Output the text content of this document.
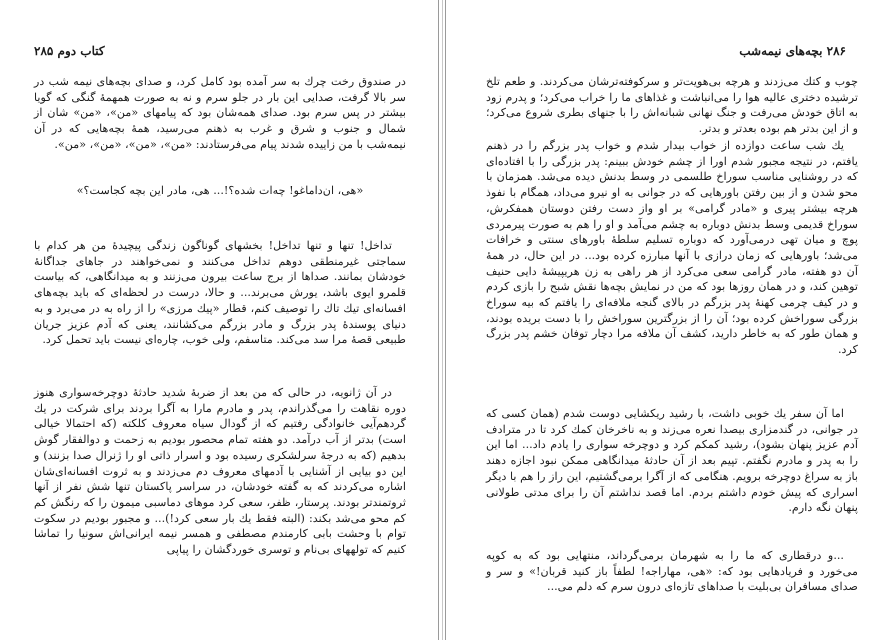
کتاب دوم ۲۸۵

در صندوق رخت چرك به سر آمده بود كامل كرد، و صدای بچه‌های نیمه شب در سر بالا گرفت، صدایی این بار در جلو سرم و نه به صورت همهمهٔ گنگی که گویا بیشتر در پس سرم بود. صدای همه‌شان بود که پیامهای «من»، «من» شان از شمال و جنوب و شرق و غرب به ذهنم می‌رسید، همهٔ بچه‌هایی که در آن نیمه‌شب با من زاییده شدند پیام می‌فرستادند: «من»، «من»، «من»، «من».

«هی، ان‌داماغو! چه‌ات شده؟!... هی، مادر این بچه کجاست؟»

تداخل! تنها و تنها تداخل! بخشهای گوناگون زندگی پیچیدهٔ من هر کدام با سماجتی غیرمنطقی دوهم تداخل می‌کنند و نمی‌خواهند در جاهای جداگانهٔ خودشان بمانند. صداها از برج ساعت بیرون می‌زنند و به میدانگاهی، که بیاست قلمرو ایوی باشد، یورش می‌برند... و حالا، درست در لحظه‌ای که باید بچه‌های افسانه‌ای تیك تاك را توصیف کنم، قطار «پیك مرزی» را از راه به در می‌برد و به دنیای پوسندهٔ پدر بزرگ و مادر بزرگم می‌کشانند، یعنی که آدم عزیز جریان طبیعی قصهٔ مرا سد می‌کند. متاسفم، ولی خوب، چاره‌ای نیست باید تحمل کرد.

در آن ژانویه، در حالی که من بعد از ضربهٔ شدید حادثهٔ دوچرخه‌سواری هنوز دوره نقاهت را می‌گذراندم، پدر و مادرم مارا به آگرا بردند برای شرکت در یك گردهم‌آیی خانوادگی رفتیم که از گودال سیاه معروف کلکته (که احتمالا خیالی است) بدتر از آب درآمد. دو هفته تمام محصور بودیم به زحمت و دوالفقار گوش بدهیم (که به درجهٔ سرلشکری رسیده بود و اسرار ذاتی او را ژنرال صدا بزنند) و این دو بیایی از آشنایی با آدمهای معروف دم می‌زدند و به ثروت افسانه‌ای‌شان اشاره می‌کردند که به گفته خودشان، در سراسر پاکستان تنها شش نفر از آنها ثروتمندتر بودند. پرستار، ظفر، سعی کرد موهای دماسبی میمون را که رنگش کم کم محو می‌شد بکند: (البته فقط یك بار سعی کرد!)... و مجبور بودیم در سکوت توام با وحشت بابی کارمندم مصطفی و همسر نیمه ایرانی‌اش سونیا را تماشا کنیم که تولههای بی‌نام و توسری خوردگشان را پیاپی

۲۸۶ بچه‌های نیمه‌شب

چوب و کتك می‌زدند و هرچه بی‌هویت‌تر و سرکوفته‌ترشان می‌کردند. و طعم تلخ ترشیده دختری عالیه هوا را می‌انباشت و غذاهای ما را خراب می‌کرد؛ و پدرم زود به اتاق خودش می‌رفت و جنگ نهانی شبانه‌اش را با جنهای بطری شروع می‌کرد؛ و از این بدتر هم بوده بعدتر و بدتر.

یك شب ساعت دوازده از خواب بیدار شدم و خواب پدر بزرگم را در ذهنم یافتم، در نتیجه مجبور شدم اورا از چشم خودش ببینم: پدر بزرگی را با افتاده‌ای که در روشنایی مناسب سوراخ طلسمی در وسط بدنش دیده می‌شد. همزمان با محو شدن و از بین رفتن باورهایی که در جوانی به او نیرو می‌داد، همگام با نفوذ هرچه بیشتر پیری و «مادر گرامی» بر او واز دست رفتن دوستان همفکرش، سوراخ قدیمی وسط بدنش دوباره به چشم می‌آمد و او را هم به صورت پیرمردی پوچ و میان تهی درمی‌آورد که دوباره تسلیم سلطهٔ باورهای سنتی و خرافات می‌شد؛ باورهایی که زمان درازی با آنها مبارزه کرده بود... در این حال، در همهٔ آن دو هفته، مادر گرامی سعی می‌کرد از هر راهی به زن هریپیشهٔ دایی حنیف توهین کند، و در همان روزها بود که من در نمایش بچه‌ها نقش شبح را بازی کردم و در کیف چرمی کهنهٔ پدر بزرگم در بالای گنجه ملافه‌ای را یافتم که بیه سوراخ بزرگی سوراخش کرده بود؛ آن را از بزرگترین سوراخش را با دست بریده بودند، و همان طور که به خاطر دارید، کشف آن ملافه مرا دچار توفان خشم پدر بزرگ کرد.

اما آن سفر یك خوبی داشت، با رشید ریکشایی دوست شدم (همان کسی که در جوانی، در گندمزاری بیصدا نعره می‌زند و به ناخرخان کمك کرد تا در مترادف آدم عزیز پنهان بشود)، رشید کمکم کرد و دوچرخه سواری را یادم داد... اما این را به پدر و مادرم نگفتم. تپیم بعد از آن حادثهٔ میدانگاهی ممکن نبود اجازه دهند باز به سراغ دوچرخه برویم. هنگامی که از آگرا برمی‌گشتیم، این راز را هم با دیگر اسراری که پیش خودم داشتم بردم. اما قصد نداشتم آن را برای مدتی طولانی پنهان نگه دارم.

...و درقطاری که ما را به شهرمان برمی‌گرداند، منتهایی بود که به کوپه می‌خورد و فریادهایی بود که: «هی، مهاراجه! لطفاً باز کنید قربان!» و سر و صدای مسافران بی‌بلیت با صداهای تازه‌ای درون سرم که دلم می...
